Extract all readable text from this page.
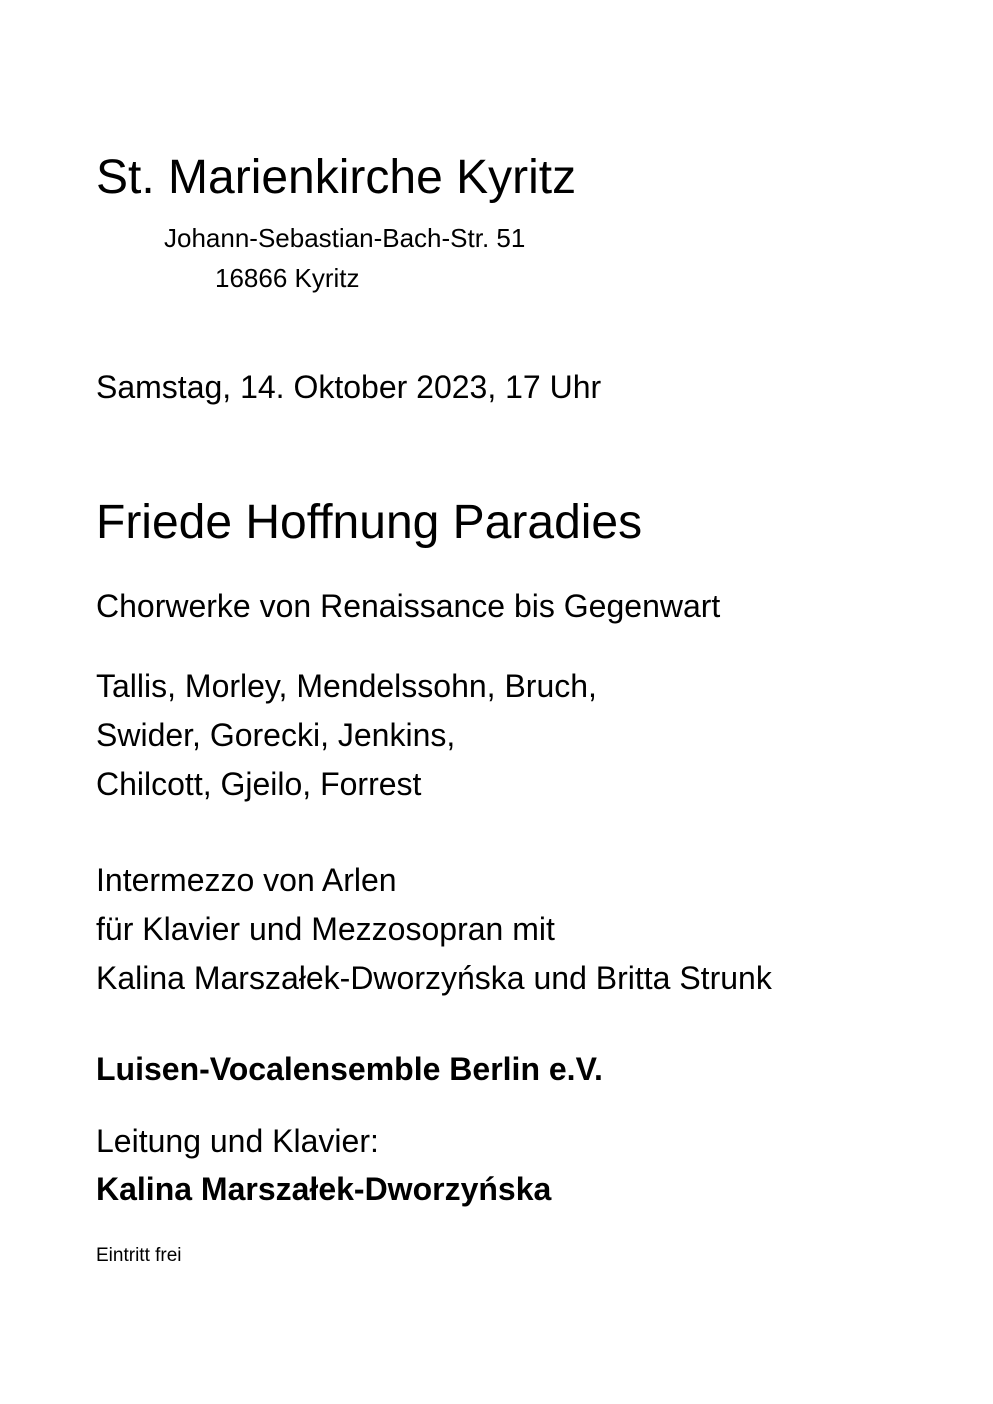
St. Marienkirche Kyritz
Johann-Sebastian-Bach-Str. 51
16866 Kyritz
Samstag, 14. Oktober 2023, 17 Uhr
Friede Hoffnung Paradies
Chorwerke von Renaissance bis Gegenwart
Tallis, Morley, Mendelssohn, Bruch,
Swider, Gorecki, Jenkins,
Chilcott, Gjeilo, Forrest
Intermezzo von Arlen
für Klavier und Mezzosopran mit
Kalina Marszałek-Dworzyńska und Britta Strunk
Luisen-Vocalensemble Berlin e.V.
Leitung und Klavier:
Kalina Marszałek-Dworzyńska
Eintritt frei
